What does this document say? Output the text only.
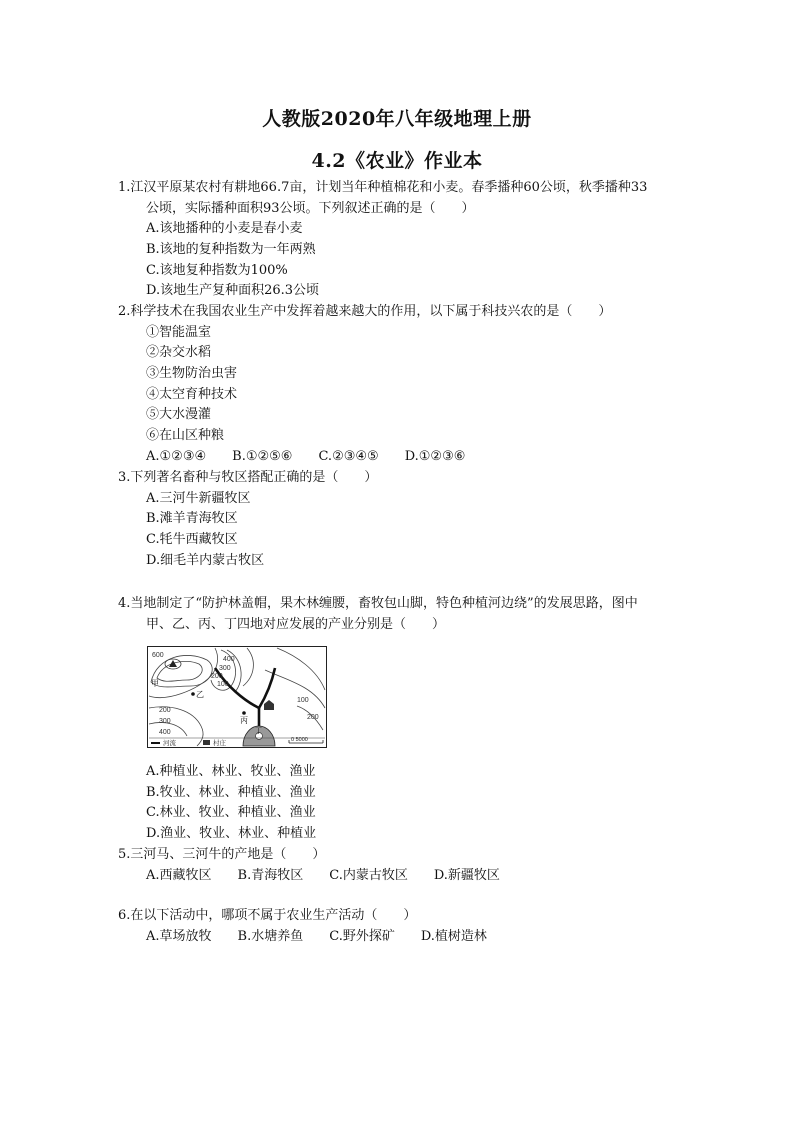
人教版2020年八年级地理上册
4.2《农业》作业本
1.江汉平原某农村有耕地66.7亩，计划当年种植棉花和小麦。春季播种60公顷，秋季播种33
公顷，实际播种面积93公顷。下列叙述正确的是（　　）
A.该地播种的小麦是春小麦
B.该地的复种指数为一年两熟
C.该地复种指数为100%
D.该地生产复种面积26.3公顷
2.科学技术在我国农业生产中发挥着越来越大的作用，以下属于科技兴农的是（　　）
①智能温室
②杂交水稻
③生物防治虫害
④太空育种技术
⑤大水漫灌
⑥在山区种粮
A.①②③④ B.①②⑤⑥ C.②③④⑤ D.①②③⑥
3.下列著名畜种与牧区搭配正确的是（　　）
A.三河牛新疆牧区
B.滩羊青海牧区
C.牦牛西藏牧区
D.细毛羊内蒙古牧区
4.当地制定了“防护林盖帽，果木林缠腰，畜牧包山脚，特色种植河边绕”的发展思路，图中
甲、乙、丙、丁四地对应发展的产业分别是（　　）
400
300
200
100
600
200
300
400
100
200
甲
乙
丙
丁
河流	村庄	0 5000
A.种植业、林业、牧业、渔业
B.牧业、林业、种植业、渔业
C.林业、牧业、种植业、渔业
D.渔业、牧业、林业、种植业
5.三河马、三河牛的产地是（　　）
A.西藏牧区 B.青海牧区 C.内蒙古牧区 D.新疆牧区
6.在以下活动中，哪项不属于农业生产活动（　　）
A.草场放牧 B.水塘养鱼 C.野外探矿 D.植树造林
